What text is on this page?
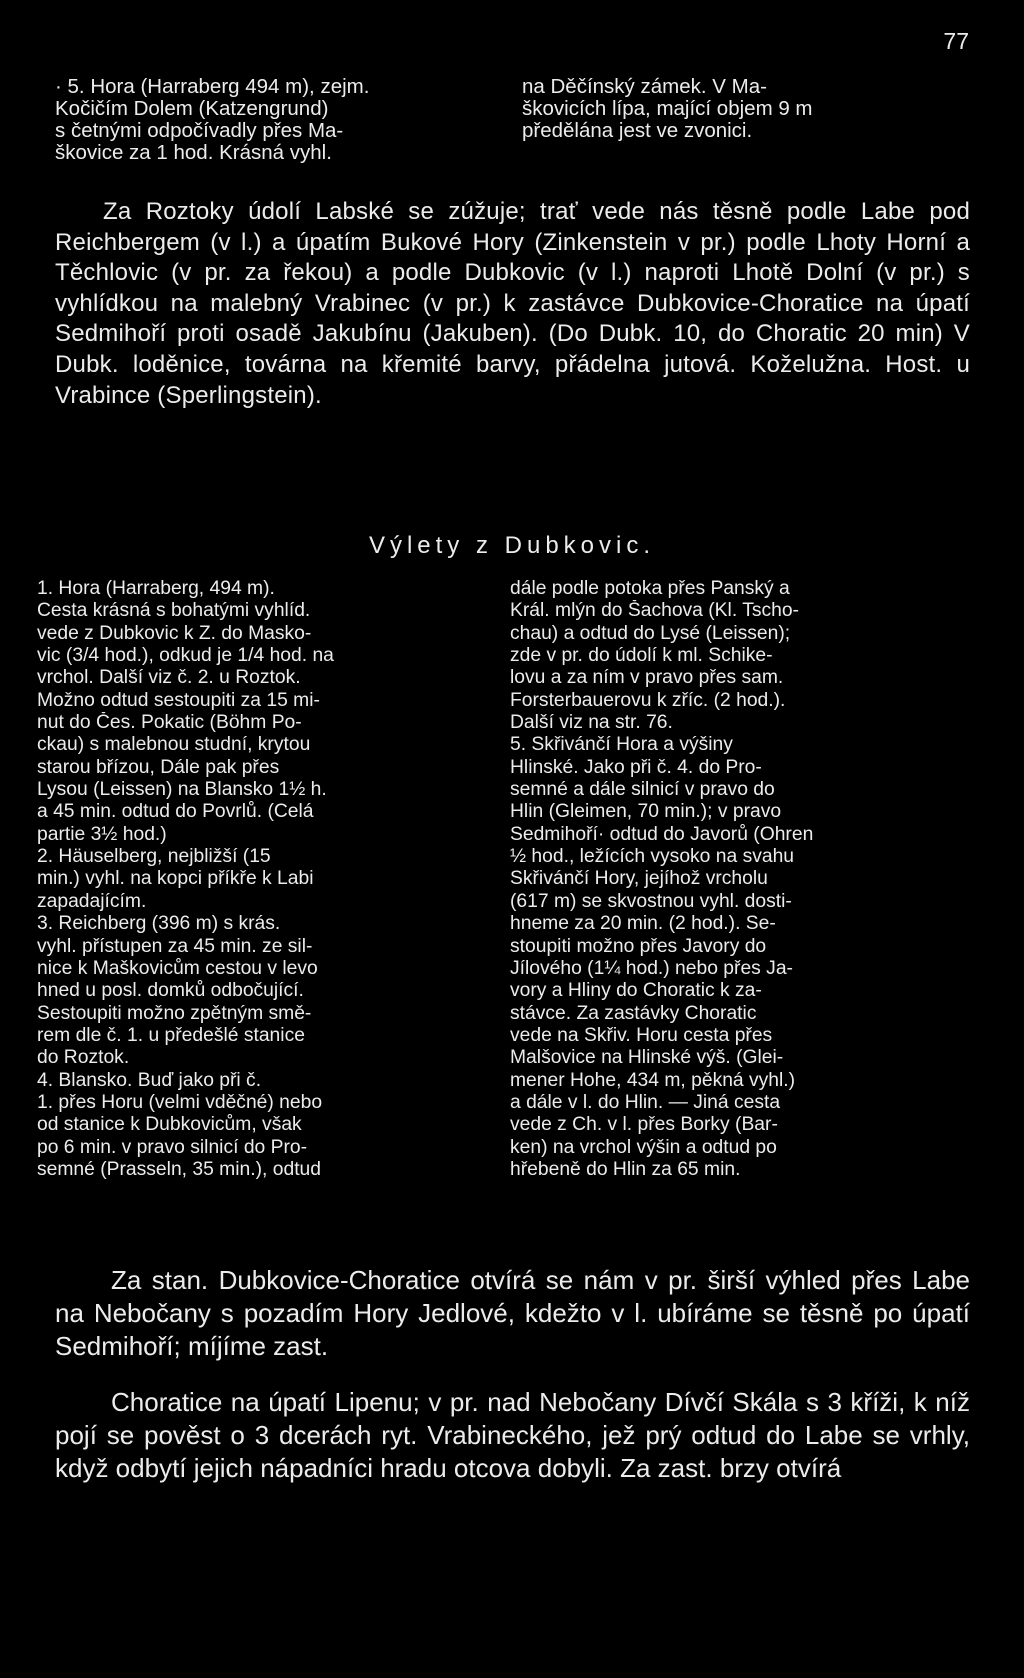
77
· 5. Hora (Harraberg 494 m), zejm.
Kočičím Dolem (Katzengrund)
s četnými odpočívadly přes Ma-
škovice za 1 hod. Krásná vyhl.
na Děčínský zámek. V Ma-
škovicích lípa, mající objem 9 m
předělána jest ve zvonici.

Za Roztoky údolí Labské se zúžuje; trať vede nás těsně podle Labe pod Reichbergem (v l.) a úpatím Bukové Hory (Zinkenstein v pr.) podle Lhoty Horní a Těchlovic (v pr. za řekou) a podle Dubkovic (v l.) naproti Lhotě Dolní (v pr.) s vyhlídkou na malebný Vrabinec (v pr.) k zastávce Dubkovice-Choratice na úpatí Sedmihoří proti osadě Jakubínu (Jakuben). (Do Dubk. 10, do Choratic 20 min) V Dubk. loděnice, továrna na křemité barvy, přádelna jutová. Koželužna. Host. u Vrabince (Sperlingstein).

Výlety z Dubkovic.
1. Hora (Harraberg, 494 m).
Cesta krásná s bohatými vyhlíd.
vede z Dubkovic k Z. do Masko-
vic (3/4 hod.), odkud je 1/4 hod. na
vrchol. Další viz č. 2. u Roztok.
Možno odtud sestoupiti za 15 mi-
nut do Čes. Pokatic (Böhm Po-
ckau) s malebnou studní, krytou
starou břízou, Dále pak přes
Lysou (Leissen) na Blansko 1½ h.
a 45 min. odtud do Povrlů. (Celá
partie 3½ hod.)
2. Häuselberg, nejbližší (15
min.) vyhl. na kopci příkře k Labi
zapadajícím.
3. Reichberg (396 m) s krás.
vyhl. přístupen za 45 min. ze sil-
nice k Maškovicům cestou v levo
hned u posl. domků odbočující.
Sestoupiti možno zpětným smě-
rem dle č. 1. u předešlé stanice
do Roztok.
4. Blansko. Buď jako při č.
1. přes Horu (velmi vděčné) nebo
od stanice k Dubkovicům, však
po 6 min. v pravo silnicí do Pro-
semné (Prasseln, 35 min.), odtud
dále podle potoka přes Panský a
Král. mlýn do Šachova (Kl. Tscho-
chau) a odtud do Lysé (Leissen);
zde v pr. do údolí k ml. Schike-
lovu a za ním v pravo přes sam.
Forsterbauerovu k zříc. (2 hod.).
Další viz na str. 76.
5. Skřivánčí Hora a výšiny
Hlinské. Jako při č. 4. do Pro-
semné a dále silnicí v pravo do
Hlin (Gleimen, 70 min.); v pravo
Sedmihoří· odtud do Javorů (Ohren
½ hod., ležících vysoko na svahu
Skřivánčí Hory, jejíhož vrcholu
(617 m) se skvostnou vyhl. dosti-
hneme za 20 min. (2 hod.). Se-
stoupiti možno přes Javory do
Jílového (1¼ hod.) nebo přes Ja-
vory a Hliny do Choratic k za-
stávce. Za zastávky Choratic
vede na Skřiv. Horu cesta přes
Malšovice na Hlinské výš. (Glei-
mener Hohe, 434 m, pěkná vyhl.)
a dále v l. do Hlin. — Jiná cesta
vede z Ch. v l. přes Borky (Bar-
ken) na vrchol výšin a odtud po
hřebeně do Hlin za 65 min.

Za stan. Dubkovice-Choratice otvírá se nám v pr. širší výhled přes Labe na Nebočany s pozadím Hory Jedlové, kdežto v l. ubíráme se těsně po úpatí Sedmihoří; míjíme zast.

Choratice na úpatí Lipenu; v pr. nad Nebočany Dívčí Skála s 3 kříži, k níž pojí se pověst o 3 dcerách ryt. Vrabineckého, jež prý odtud do Labe se vrhly, když odbytí jejich nápadníci hradu otcova dobyli. Za zast. brzy otvírá
